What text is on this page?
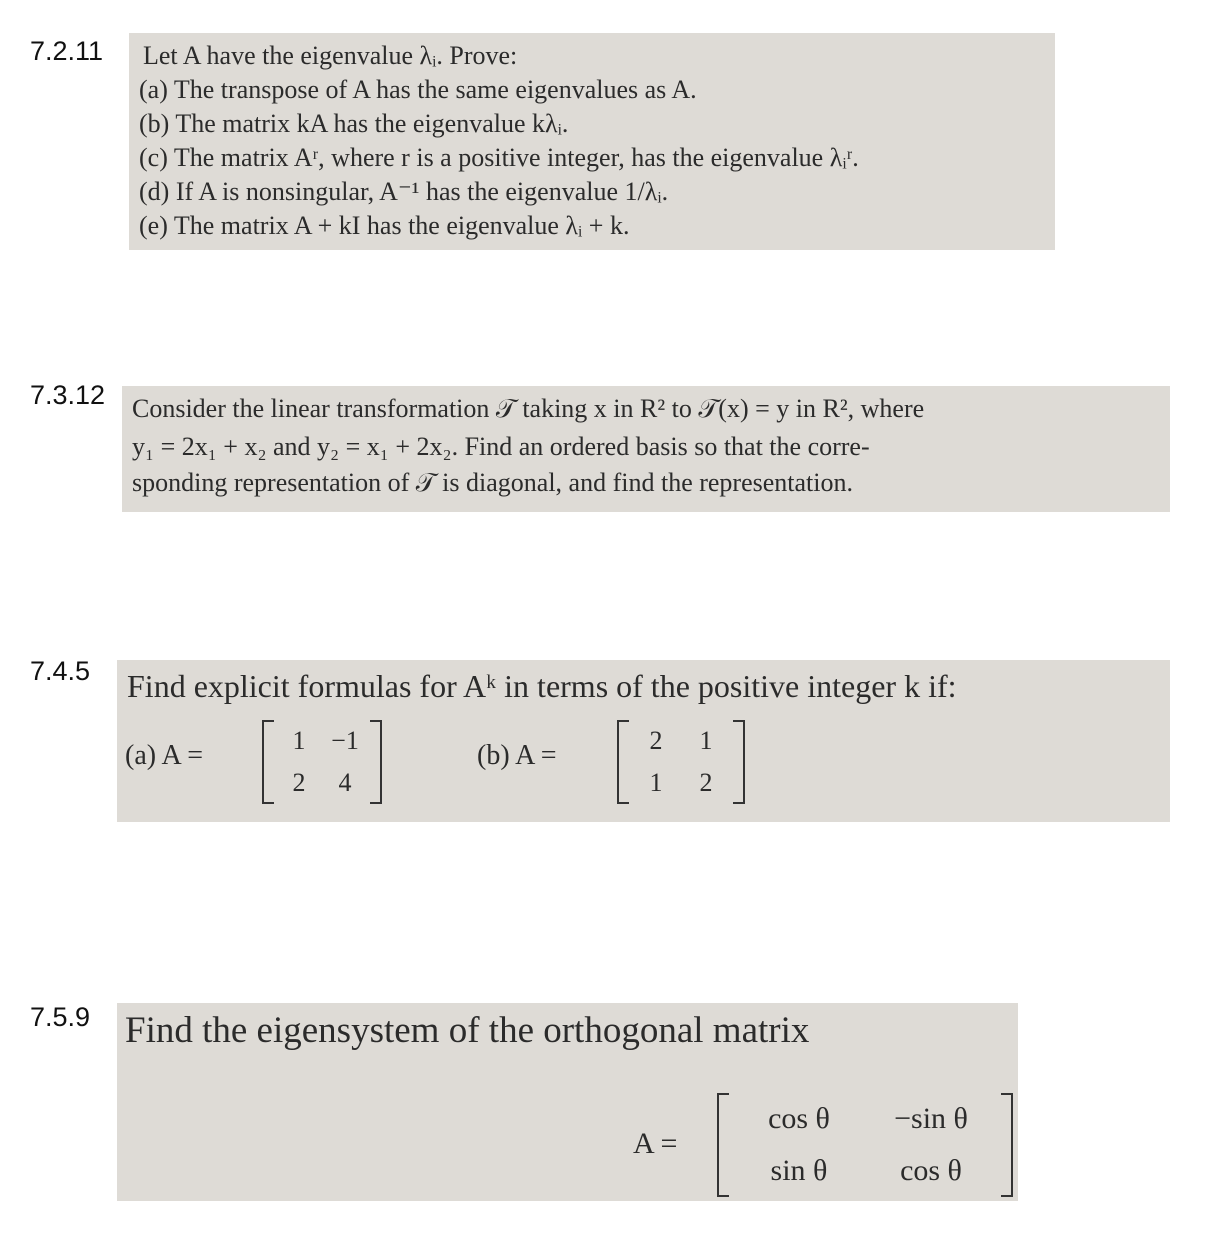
7.2.11 Let A have the eigenvalue λᵢ. Prove:
(a) The transpose of A has the same eigenvalues as A.
(b) The matrix kA has the eigenvalue kλᵢ.
(c) The matrix Aʳ, where r is a positive integer, has the eigenvalue λᵢʳ.
(d) If A is nonsingular, A⁻¹ has the eigenvalue 1/λᵢ.
(e) The matrix A + kI has the eigenvalue λᵢ + k.
7.3.12 Consider the linear transformation 𝒯 taking x in R² to 𝒯(x) = y in R², where
y₁ = 2x₁ + x₂ and y₂ = x₁ + 2x₂. Find an ordered basis so that the corre-
sponding representation of 𝒯 is diagonal, and find the representation.
7.4.5 Find explicit formulas for Aᵏ in terms of the positive integer k if:
(a) A =	1 −1
2	4
(b) A =	2	1
1	2
7.5.9 Find the eigensystem of the orthogonal matrix
A =
cos θ	−sin θ
sin θ	cos θ
